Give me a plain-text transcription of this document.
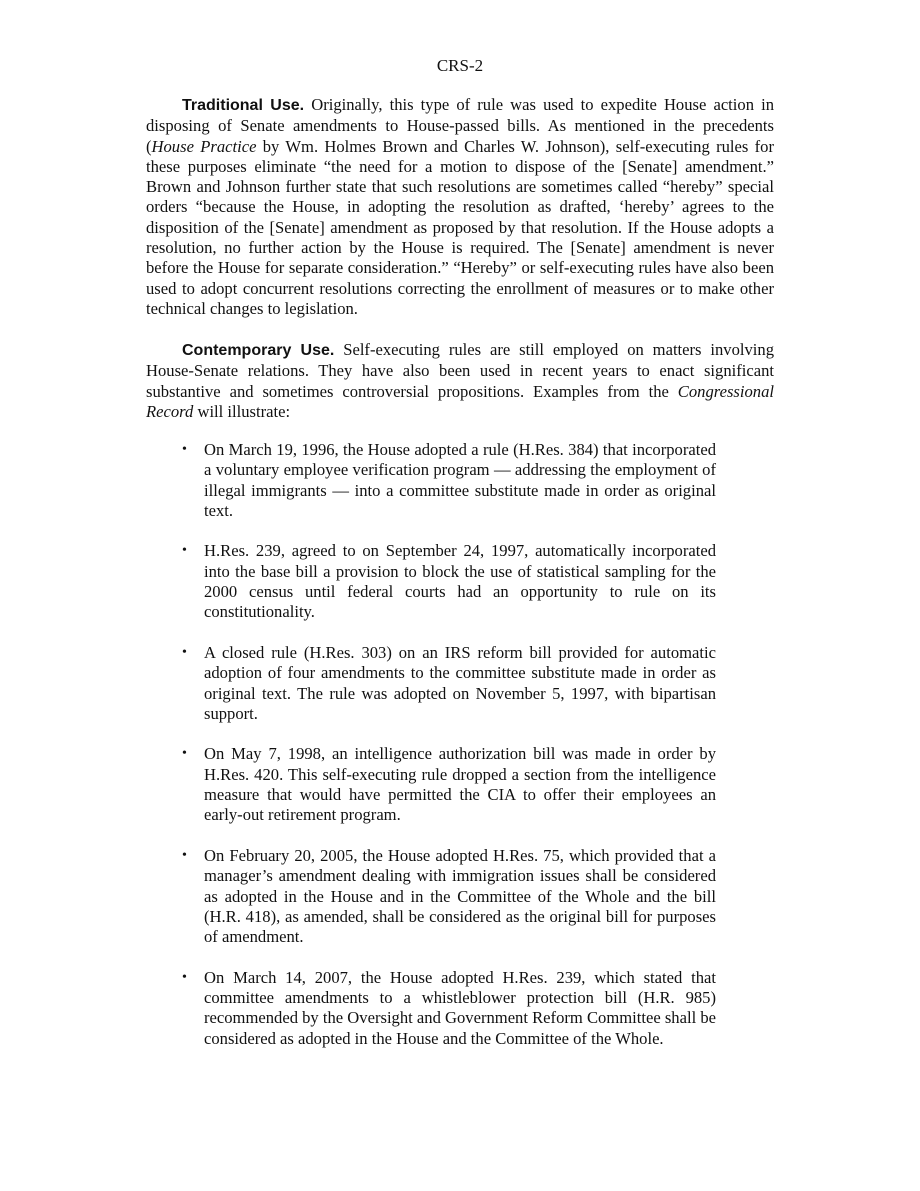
CRS-2

Traditional Use. Originally, this type of rule was used to expedite House action in disposing of Senate amendments to House-passed bills. As mentioned in the precedents (House Practice by Wm. Holmes Brown and Charles W. Johnson), self-executing rules for these purposes eliminate “the need for a motion to dispose of the [Senate] amendment.” Brown and Johnson further state that such resolutions are sometimes called “hereby” special orders “because the House, in adopting the resolution as drafted, ‘hereby’ agrees to the disposition of the [Senate] amendment as proposed by that resolution. If the House adopts a resolution, no further action by the House is required. The [Senate] amendment is never before the House for separate consideration.” “Hereby” or self-executing rules have also been used to adopt concurrent resolutions correcting the enrollment of measures or to make other technical changes to legislation.

Contemporary Use. Self-executing rules are still employed on matters involving House-Senate relations. They have also been used in recent years to enact significant substantive and sometimes controversial propositions. Examples from the Congressional Record will illustrate:

•	On March 19, 1996, the House adopted a rule (H.Res. 384) that incorporated a voluntary employee verification program — addressing the employment of illegal immigrants — into a committee substitute made in order as original text.
•	H.Res. 239, agreed to on September 24, 1997, automatically incorporated into the base bill a provision to block the use of statistical sampling for the 2000 census until federal courts had an opportunity to rule on its constitutionality.
•	A closed rule (H.Res. 303) on an IRS reform bill provided for automatic adoption of four amendments to the committee substitute made in order as original text. The rule was adopted on November 5, 1997, with bipartisan support.
•	On May 7, 1998, an intelligence authorization bill was made in order by H.Res. 420. This self-executing rule dropped a section from the intelligence measure that would have permitted the CIA to offer their employees an early-out retirement program.
•	On February 20, 2005, the House adopted H.Res. 75, which provided that a manager’s amendment dealing with immigration issues shall be considered as adopted in the House and in the Committee of the Whole and the bill (H.R. 418), as amended, shall be considered as the original bill for purposes of amendment.
•	On March 14, 2007, the House adopted H.Res. 239, which stated that committee amendments to a whistleblower protection bill (H.R. 985) recommended by the Oversight and Government Reform Committee shall be considered as adopted in the House and the Committee of the Whole.
